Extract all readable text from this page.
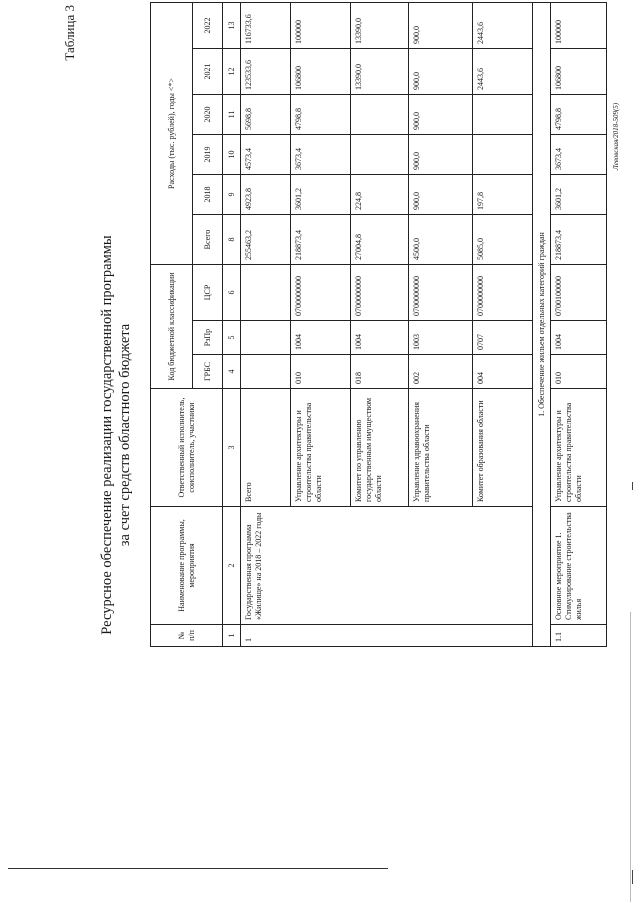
Таблица 3
Ресурсное обеспечение реализации государственной программы за счет средств областного бюджета
№ п/п	Наименование программы, мероприятия	Ответственный исполнитель, соисполнитель, участники	Код бюджетной классификации			Расходы (тыс. рублей), годы <*>					
			ГРБС	РзПр	ЦСР	Всего	2018	2019	2020	2021	2022
1	2	3	4	5	6	8	9	10	11	12	13
1	Государственная программа «Жилище» на 2018 – 2022 годы	Всего				255463,2	4923,8	4573,4	5698,8	123533,6	116733,6
		Управление архитектуры и строительства правительства области	010	1004	0700000000	218873,4	3601,2	3673,4	4798,8	106800	100000
		Комитет по управлению государственным имуществом области	018	1004	0700000000	27004,8	224,8			13390,0	13390,0
		Управление здравоохранения правительства области	002	1003	0700000000	4500,0	900,0	900,0	900,0	900,0	900,0
		Комитет образования области	004	0707	0700000000	5085,0	197,8			2443,6	2443,6
1. Обеспечение жильем отдельных категорий граждан											
1.1	Основное мероприятие 1. Стимулирование строительства жилья	Управление архитектуры и строительства правительства области	010	1004	0700100000	218873,4	3601,2	3673,4	4798,8	106800	100000
Левовская/2018-509(5)
